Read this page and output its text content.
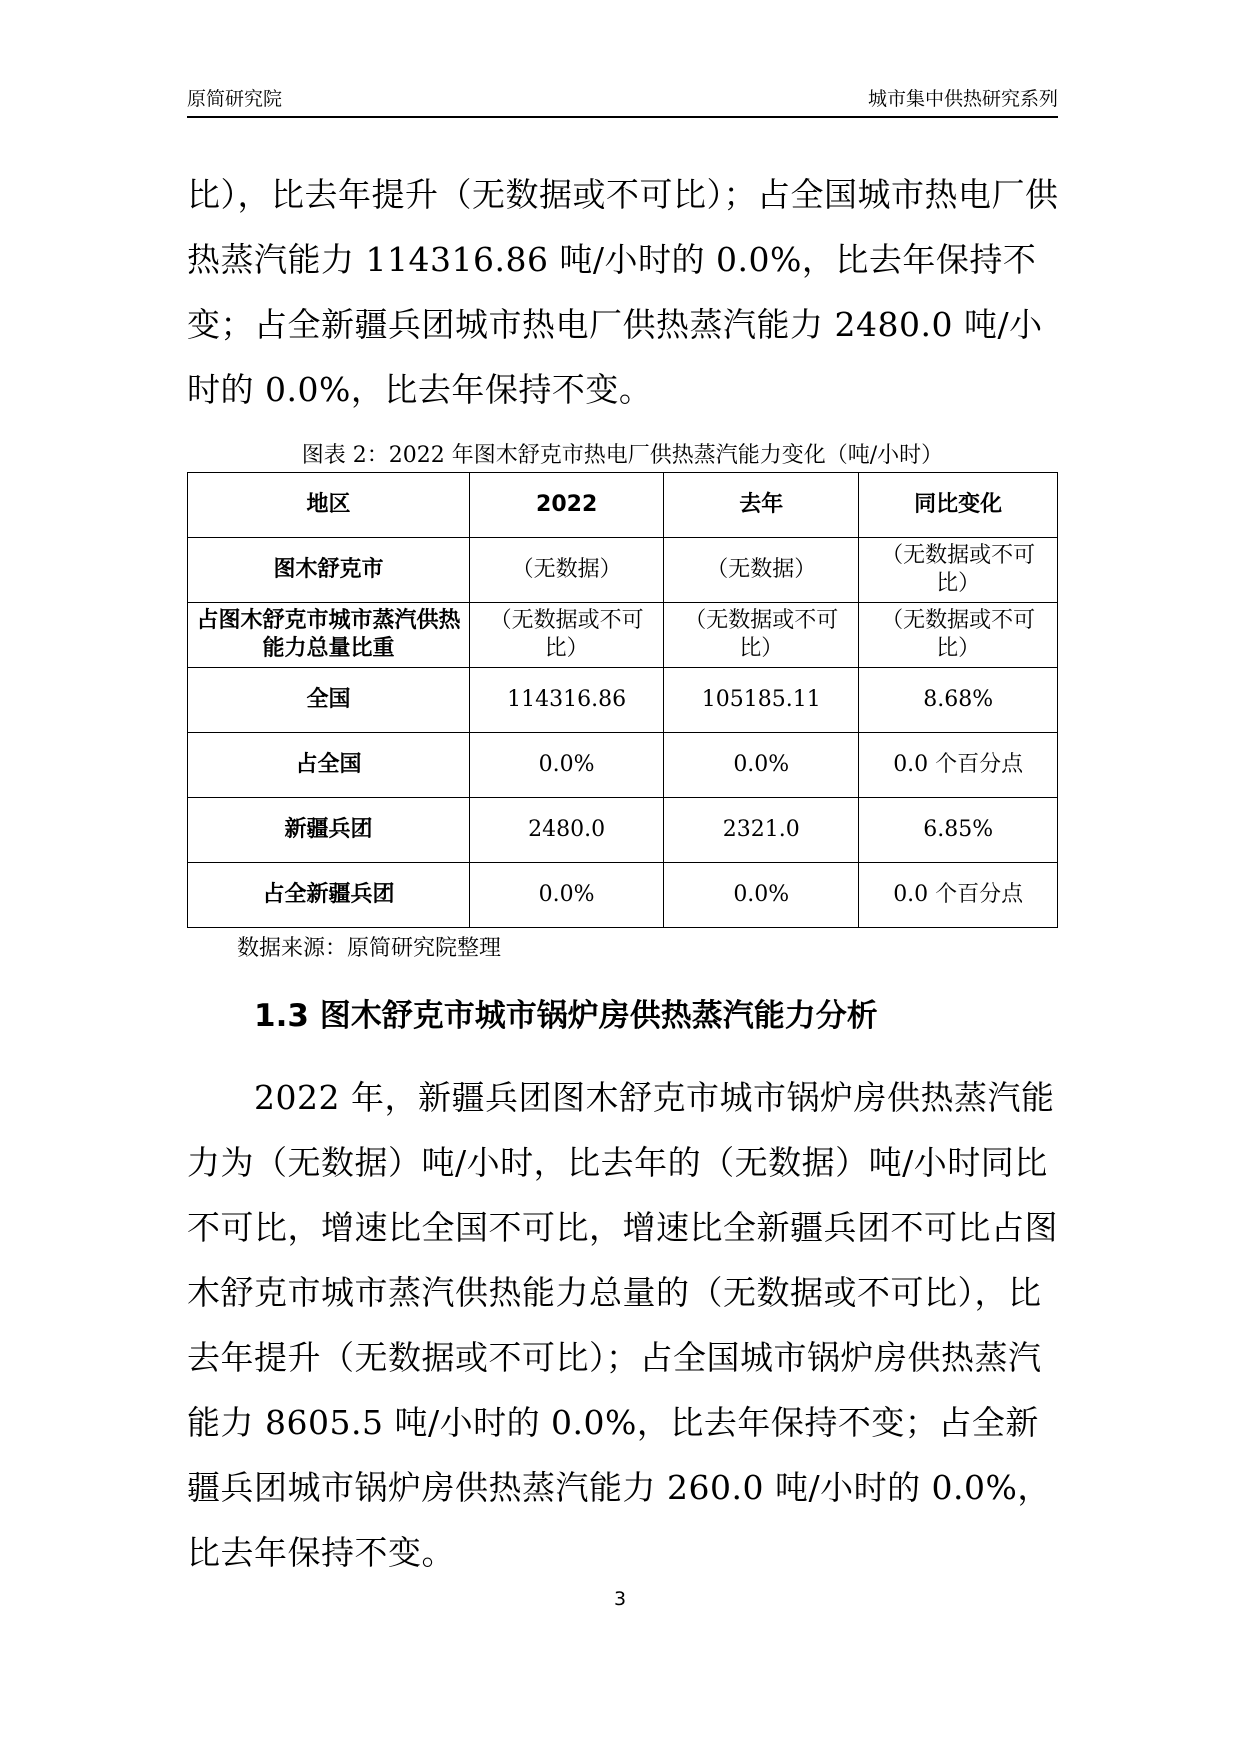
原简研究院	城市集中供热研究系列

比），比去年提升（无数据或不可比）；占全国城市热电厂供热蒸汽能力 114316.86 吨/小时的 0.0%，比去年保持不变；占全新疆兵团城市热电厂供热蒸汽能力 2480.0 吨/小时的 0.0%，比去年保持不变。

图表 2：2022 年图木舒克市热电厂供热蒸汽能力变化（吨/小时）
地区	2022	去年	同比变化
图木舒克市	（无数据）	（无数据）	（无数据或不可比）
占图木舒克市城市蒸汽供热能力总量比重	（无数据或不可比）	（无数据或不可比）	（无数据或不可比）
全国	114316.86	105185.11	8.68%
占全国	0.0%	0.0%	0.0 个百分点
新疆兵团	2480.0	2321.0	6.85%
占全新疆兵团	0.0%	0.0%	0.0 个百分点
数据来源：原简研究院整理
1.3 图木舒克市城市锅炉房供热蒸汽能力分析

2022 年，新疆兵团图木舒克市城市锅炉房供热蒸汽能力为（无数据）吨/小时，比去年的（无数据）吨/小时同比不可比，增速比全国不可比，增速比全新疆兵团不可比占图木舒克市城市蒸汽供热能力总量的（无数据或不可比），比去年提升（无数据或不可比）；占全国城市锅炉房供热蒸汽能力 8605.5 吨/小时的 0.0%，比去年保持不变；占全新疆兵团城市锅炉房供热蒸汽能力 260.0 吨/小时的 0.0%，比去年保持不变。

3
